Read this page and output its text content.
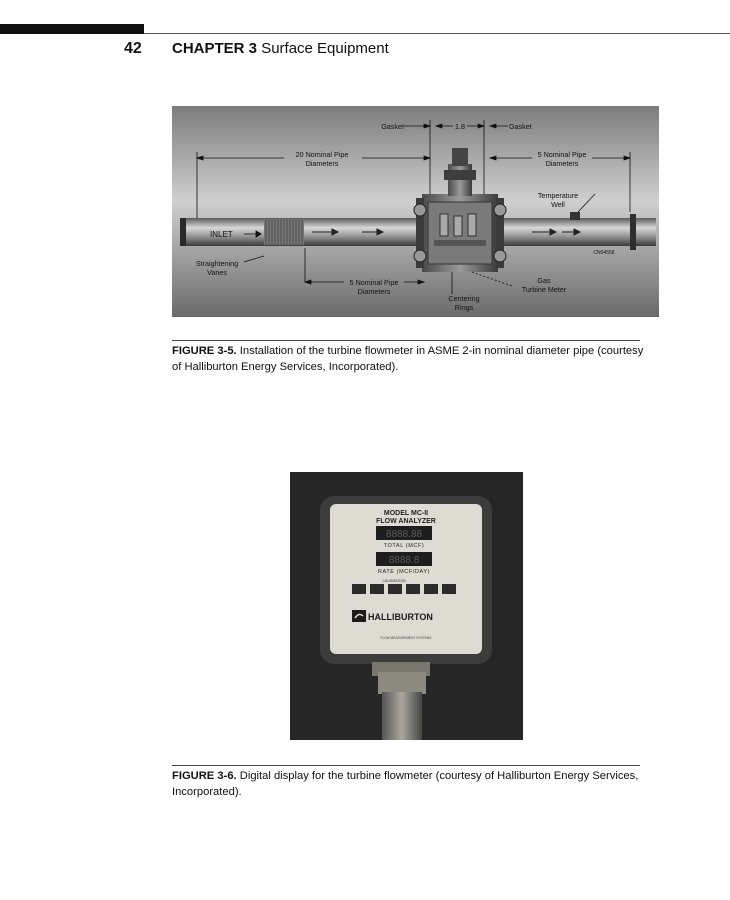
42 CHAPTER 3 Surface Equipment
Gasket	1.8	Gasket
20 Nominal Pipe
Diameters
5 Nominal Pipe
Diameters
Temperature
Well
CN04558
Straightening
Vanes
5 Nominal Pipe
Diameters
Centering
Rings
Gas
Turbine Meter
INLET
FIGURE 3-5. Installation of the turbine flowmeter in ASME 2-in nominal diameter pipe (courtesy of Halliburton Energy Services, Incorporated).
MODEL MC-II
FLOW ANALYZER
8888.88
TOTAL (MCF)
8888.8
RATE (MCF/DAY)
CALIBRATION
HALLIBURTON
FLOW MEASUREMENT SYSTEMS
FIGURE 3-6. Digital display for the turbine flowmeter (courtesy of Halliburton Energy Services, Incorporated).
